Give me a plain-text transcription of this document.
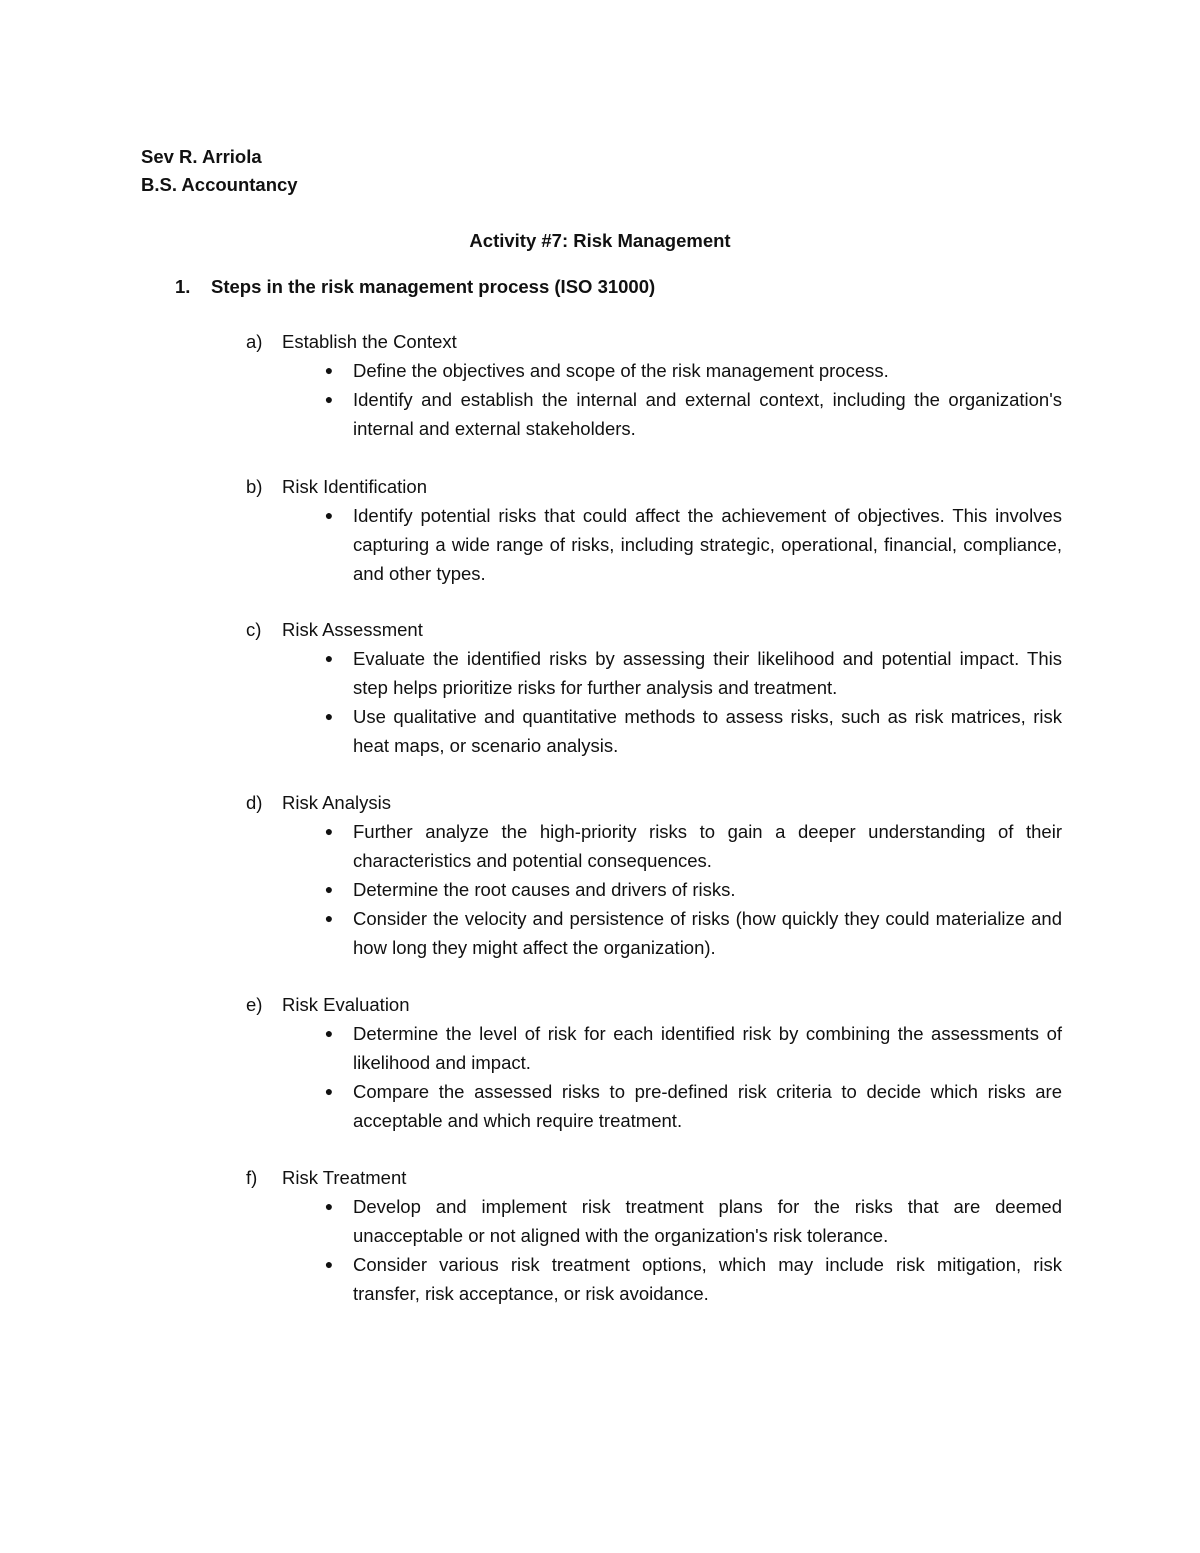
Sev R. Arriola
B.S. Accountancy
Activity #7: Risk Management
1. Steps in the risk management process (ISO 31000)
a) Establish the Context
●	Define the objectives and scope of the risk management process.
●	Identify and establish the internal and external context, including the organization's internal and external stakeholders.
b) Risk Identification
●	Identify potential risks that could affect the achievement of objectives. This involves capturing a wide range of risks, including strategic, operational, financial, compliance, and other types.
c) Risk Assessment
●	Evaluate the identified risks by assessing their likelihood and potential impact. This step helps prioritize risks for further analysis and treatment.
●	Use qualitative and quantitative methods to assess risks, such as risk matrices, risk heat maps, or scenario analysis.
d) Risk Analysis
●	Further analyze the high-priority risks to gain a deeper understanding of their characteristics and potential consequences.
●	Determine the root causes and drivers of risks.
●	Consider the velocity and persistence of risks (how quickly they could materialize and how long they might affect the organization).
e) Risk Evaluation
●	Determine the level of risk for each identified risk by combining the assessments of likelihood and impact.
●	Compare the assessed risks to pre-defined risk criteria to decide which risks are acceptable and which require treatment.
f) Risk Treatment
●	Develop and implement risk treatment plans for the risks that are deemed unacceptable or not aligned with the organization's risk tolerance.
●	Consider various risk treatment options, which may include risk mitigation, risk transfer, risk acceptance, or risk avoidance.
